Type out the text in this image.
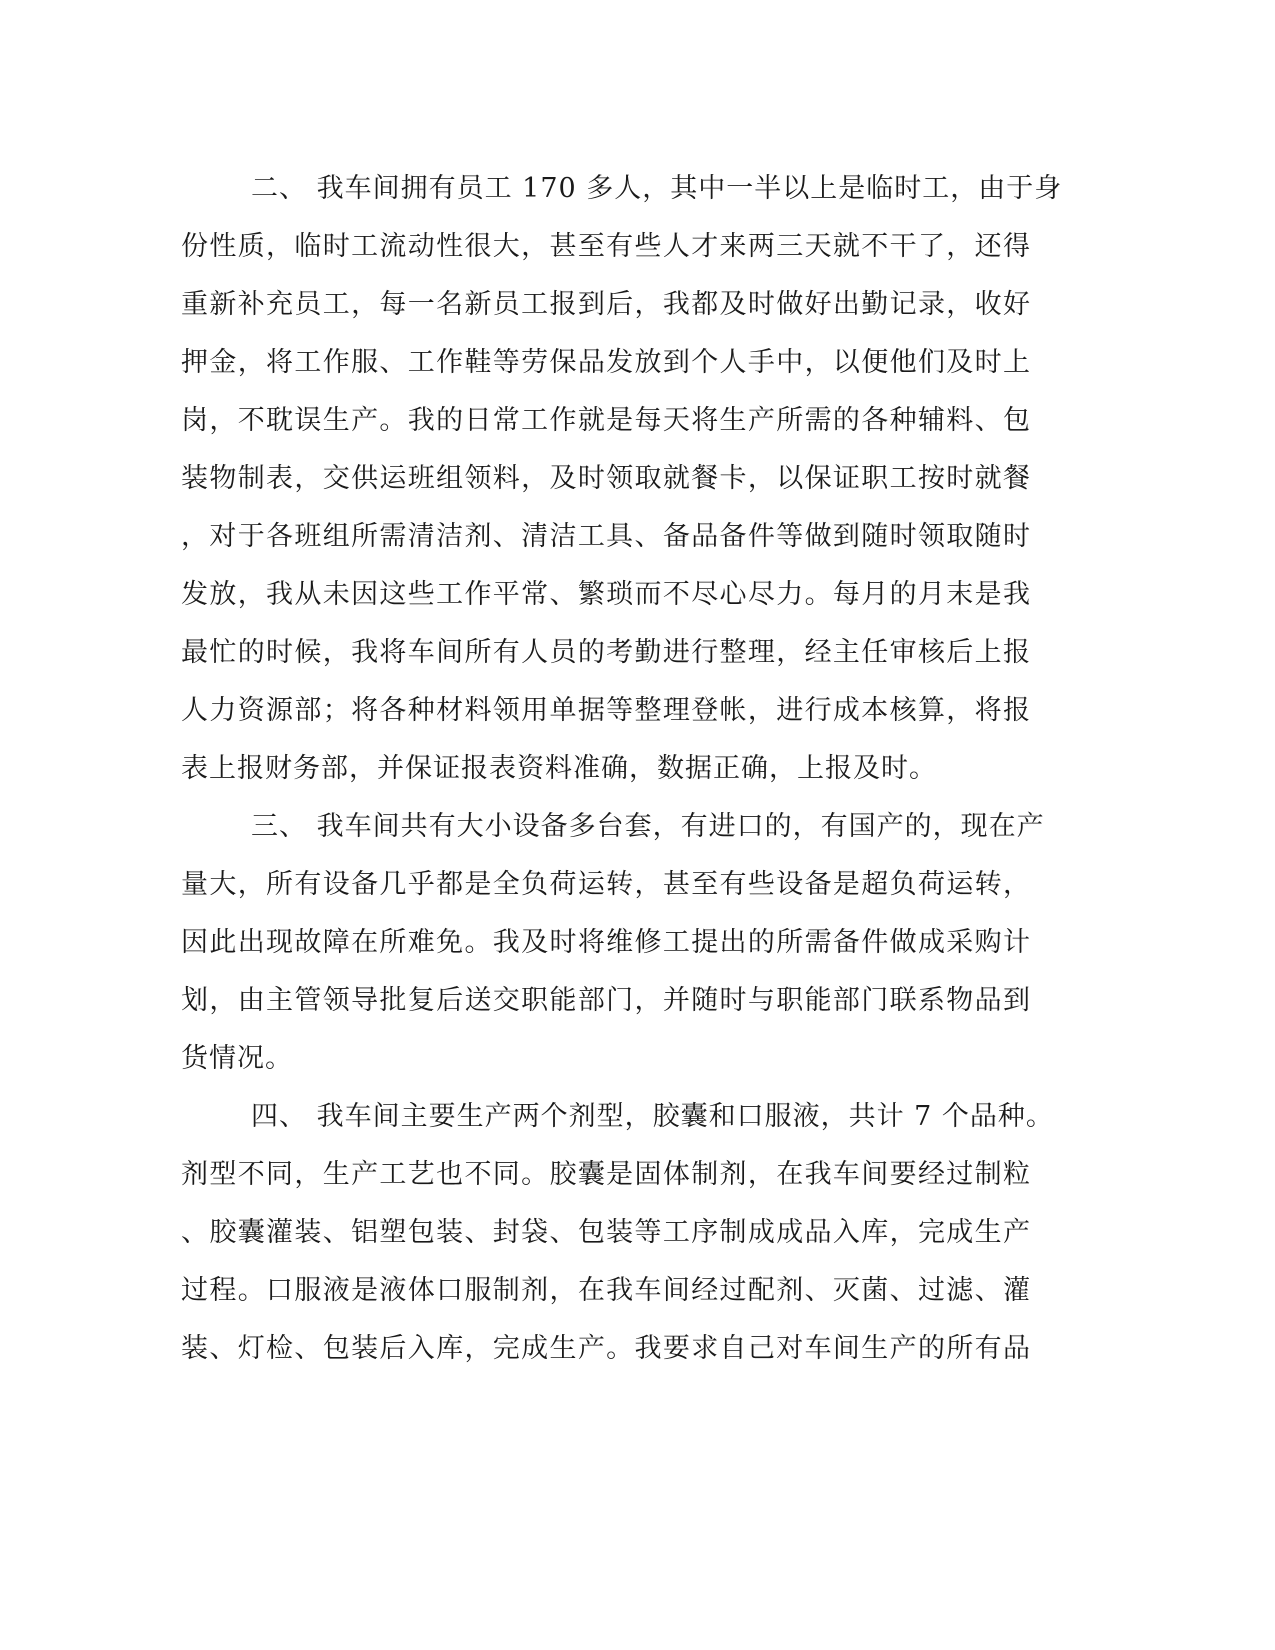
二、 我车间拥有员工 170 多人，其中一半以上是临时工，由于身
份性质，临时工流动性很大，甚至有些人才来两三天就不干了，还得
重新补充员工，每一名新员工报到后，我都及时做好出勤记录，收好
押金，将工作服、工作鞋等劳保品发放到个人手中，以便他们及时上
岗，不耽误生产。我的日常工作就是每天将生产所需的各种辅料、包
装物制表，交供运班组领料，及时领取就餐卡，以保证职工按时就餐
，对于各班组所需清洁剂、清洁工具、备品备件等做到随时领取随时
发放，我从未因这些工作平常、繁琐而不尽心尽力。每月的月末是我
最忙的时候，我将车间所有人员的考勤进行整理，经主任审核后上报
人力资源部；将各种材料领用单据等整理登帐，进行成本核算，将报
表上报财务部，并保证报表资料准确，数据正确，上报及时。
三、 我车间共有大小设备多台套，有进口的，有国产的，现在产
量大，所有设备几乎都是全负荷运转，甚至有些设备是超负荷运转，
因此出现故障在所难免。我及时将维修工提出的所需备件做成采购计
划，由主管领导批复后送交职能部门，并随时与职能部门联系物品到
货情况。
四、 我车间主要生产两个剂型，胶囊和口服液，共计 7 个品种。
剂型不同，生产工艺也不同。胶囊是固体制剂，在我车间要经过制粒
、胶囊灌装、铝塑包装、封袋、包装等工序制成成品入库，完成生产
过程。口服液是液体口服制剂，在我车间经过配剂、灭菌、过滤、灌
装、灯检、包装后入库，完成生产。我要求自己对车间生产的所有品
